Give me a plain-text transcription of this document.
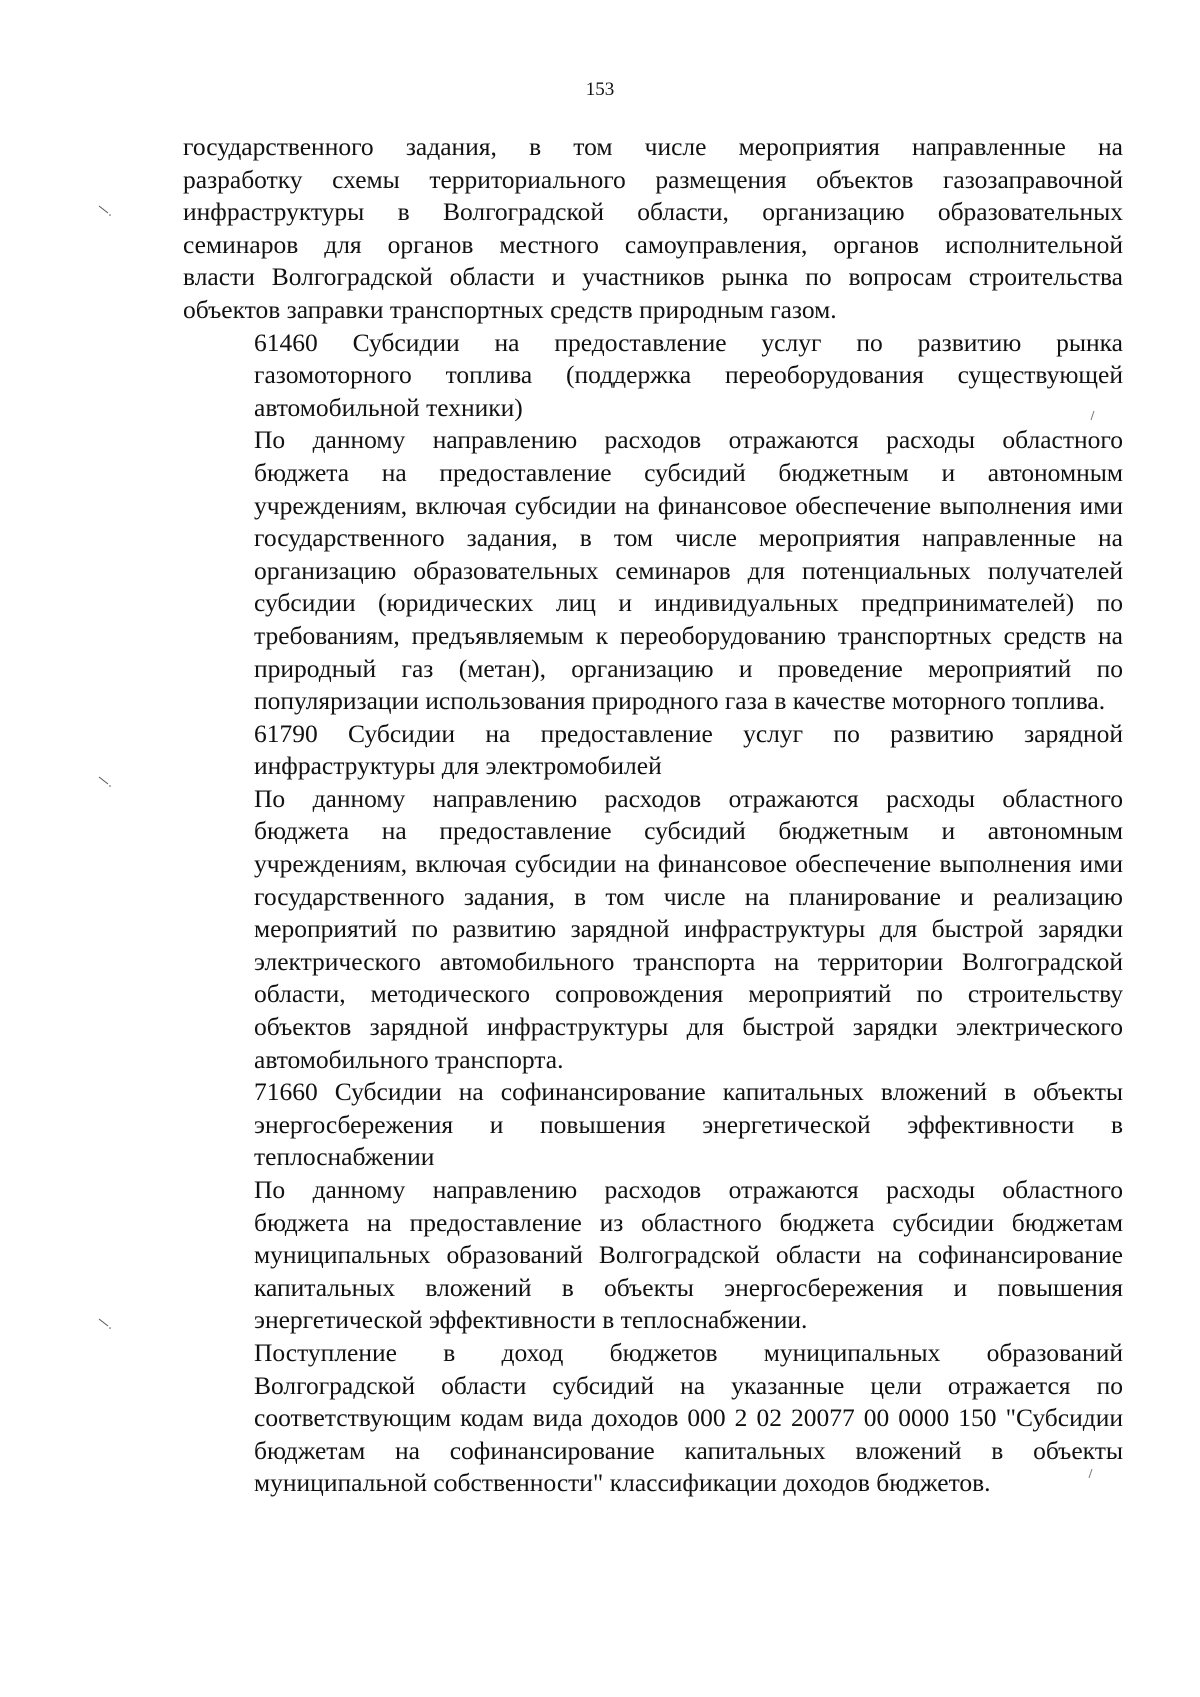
153
государственного задания, в том числе мероприятия направленные на
разработку схемы территориального размещения объектов газозаправочной
инфраструктуры в Волгоградской области, организацию образовательных
семинаров для органов местного самоуправления, органов исполнительной
власти Волгоградской области и участников рынка по вопросам строительства
объектов заправки транспортных средств природным газом.
61460 Субсидии на предоставление услуг по развитию рынка
газомоторного топлива (поддержка переоборудования существующей
автомобильной техники)
По данному направлению расходов отражаются расходы областного
бюджета на предоставление субсидий бюджетным и автономным
учреждениям, включая субсидии на финансовое обеспечение выполнения ими
государственного задания, в том числе мероприятия направленные на
организацию образовательных семинаров для потенциальных получателей
субсидии (юридических лиц и индивидуальных предпринимателей) по
требованиям, предъявляемым к переоборудованию транспортных средств на
природный газ (метан), организацию и проведение мероприятий по
популяризации использования природного газа в качестве моторного топлива.
61790 Субсидии на предоставление услуг по развитию зарядной
инфраструктуры для электромобилей
По данному направлению расходов отражаются расходы областного
бюджета на предоставление субсидий бюджетным и автономным
учреждениям, включая субсидии на финансовое обеспечение выполнения ими
государственного задания, в том числе на планирование и реализацию
мероприятий по развитию зарядной инфраструктуры для быстрой зарядки
электрического автомобильного транспорта на территории Волгоградской
области, методического сопровождения мероприятий по строительству
объектов зарядной инфраструктуры для быстрой зарядки электрического
автомобильного транспорта.
71660 Субсидии на софинансирование капитальных вложений в объекты
энергосбережения и повышения энергетической эффективности в
теплоснабжении
По данному направлению расходов отражаются расходы областного
бюджета на предоставление из областного бюджета субсидии бюджетам
муниципальных образований Волгоградской области на софинансирование
капитальных вложений в объекты энергосбережения и повышения
энергетической эффективности в теплоснабжении.
Поступление в доход бюджетов муниципальных образований
Волгоградской области субсидий на указанные цели отражается по
соответствующим кодам вида доходов 000 2 02 20077 00 0000 150 "Субсидии
бюджетам на софинансирование капитальных вложений в объекты
муниципальной собственности" классификации доходов бюджетов.
